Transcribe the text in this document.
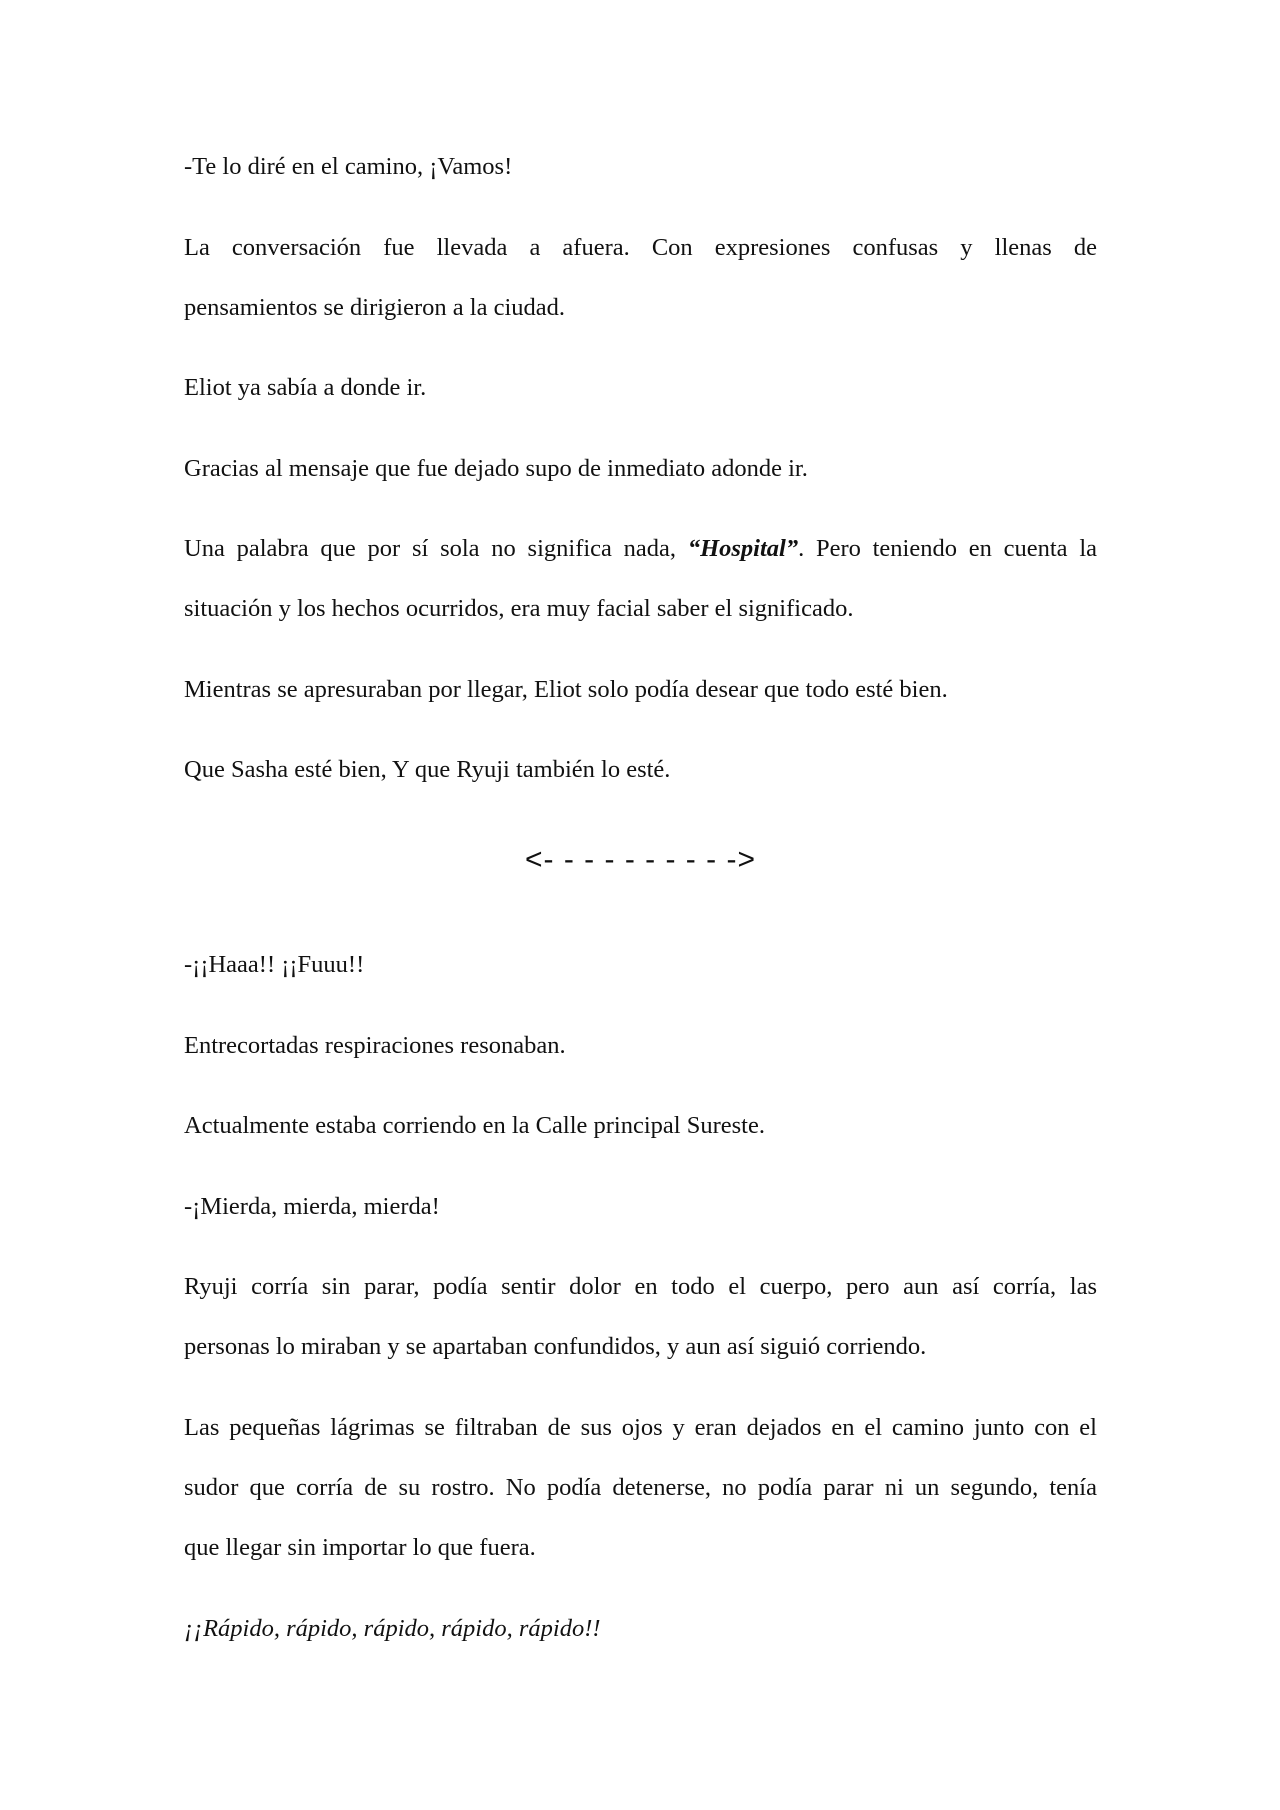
-Te lo diré en el camino, ¡Vamos!
La conversación fue llevada a afuera. Con expresiones confusas y llenas de
pensamientos se dirigieron a la ciudad.
Eliot ya sabía a donde ir.
Gracias al mensaje que fue dejado supo de inmediato adonde ir.
Una palabra que por sí sola no significa nada, “Hospital”. Pero teniendo en cuenta la
situación y los hechos ocurridos, era muy facial saber el significado.
Mientras se apresuraban por llegar, Eliot solo podía desear que todo esté bien.
Que Sasha esté bien, Y que Ryuji también lo esté.
<- - - - - - - - - ->
-¡¡Haaa!! ¡¡Fuuu!!
Entrecortadas respiraciones resonaban.
Actualmente estaba corriendo en la Calle principal Sureste.
-¡Mierda, mierda, mierda!
Ryuji corría sin parar, podía sentir dolor en todo el cuerpo, pero aun así corría, las
personas lo miraban y se apartaban confundidos, y aun así siguió corriendo.
Las pequeñas lágrimas se filtraban de sus ojos y eran dejados en el camino junto con el
sudor que corría de su rostro. No podía detenerse, no podía parar ni un segundo, tenía
que llegar sin importar lo que fuera.
¡¡Rápido, rápido, rápido, rápido, rápido!!
